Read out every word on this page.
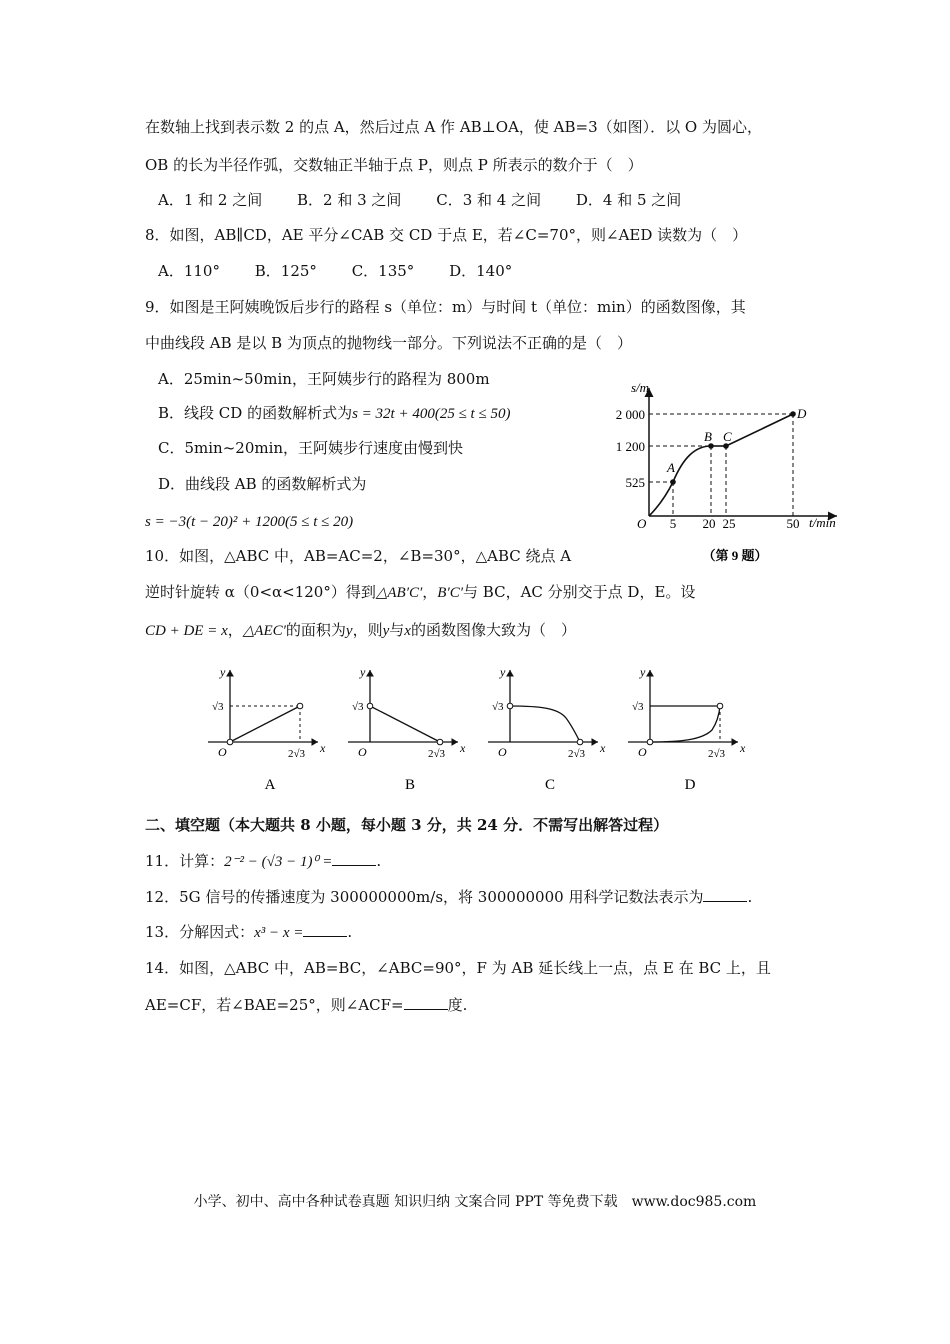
在数轴上找到表示数 2 的点 A，然后过点 A 作 AB⊥OA，使 AB=3（如图）．以 O 为圆心，
OB 的长为半径作弧，交数轴正半轴于点 P，则点 P 所表示的数介于（　）
A．1 和 2 之间 B．2 和 3 之间 C．3 和 4 之间 D．4 和 5 之间
8．如图，AB∥CD，AE 平分∠CAB 交 CD 于点 E，若∠C=70°，则∠AED 读数为（　）
A．110° B．125° C．135° D．140°
9．如图是王阿姨晚饭后步行的路程 s（单位：m）与时间 t（单位：min）的函数图像，其
中曲线段 AB 是以 B 为顶点的抛物线一部分。下列说法不正确的是（　）
A．25min~50min，王阿姨步行的路程为 800m
B．线段 CD 的函数解析式为s = 32t + 400(25 ≤ t ≤ 50)
C．5min~20min，王阿姨步行速度由慢到快
D．曲线段 AB 的函数解析式为
s = −3(t − 20)² + 1200(5 ≤ t ≤ 20)
s/m
t/min
2 000
1 200
525
O 5 20 25	50
A
B C
D
（第 9 题）
10．如图，△ABC 中，AB=AC=2，∠B=30°，△ABC 绕点 A
逆时针旋转 α（0<α<120°）得到△AB′C′，B′C′与 BC，AC 分别交于点 D，E。设
CD + DE = x，△AEC′的面积为y，则y与x的函数图像大致为（　）
y
√3
O	2√3 x
A
y
√3
O	2√3 x
B
y
√3
O	2√3 x
C
y
√3
O	2√3 x
D
二、填空题（本大题共 8 小题，每小题 3 分，共 24 分．不需写出解答过程）
11．计算：2⁻² − (√3 − 1)⁰ =	.
12．5G 信号的传播速度为 300000000m/s，将 300000000 用科学记数法表示为	.
13．分解因式：x³ − x =	.
14．如图，△ABC 中，AB=BC，∠ABC=90°，F 为 AB 延长线上一点，点 E 在 BC 上，且
AE=CF，若∠BAE=25°，则∠ACF=	度.
小学、初中、高中各种试卷真题 知识归纳 文案合同 PPT 等免费下载　www.doc985.com
